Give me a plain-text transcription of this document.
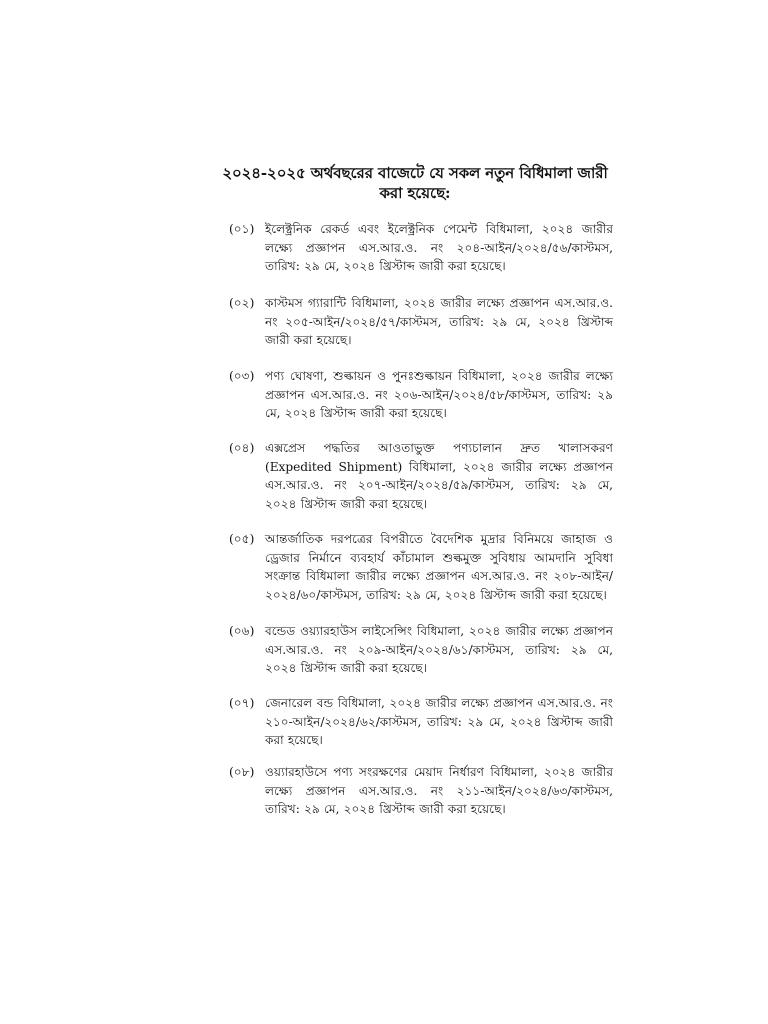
২০২৪-২০২৫ অর্থবছরের বাজেটে যে সকল নতুন বিধিমালা জারী করা হয়েছে:
(০১) ইলেক্ট্রনিক রেকর্ড এবং ইলেক্ট্রনিক পেমেন্ট বিধিমালা, ২০২৪ জারীর লক্ষ্যে প্রজ্ঞাপন এস.আর.ও. নং ২০৪-আইন/২০২৪/৫৬/কাস্টমস, তারিখ: ২৯ মে, ২০২৪ খ্রিস্টাব্দ জারী করা হয়েছে।

(০২) কাস্টমস গ্যারান্টি বিধিমালা, ২০২৪ জারীর লক্ষ্যে প্রজ্ঞাপন এস.আর.ও. নং ২০৫-আইন/২০২৪/৫৭/কাস্টমস, তারিখ: ২৯ মে, ২০২৪ খ্রিস্টাব্দ জারী করা হয়েছে।

(০৩) পণ্য ঘোষণা, শুল্কায়ন ও পুনঃশুল্কায়ন বিধিমালা, ২০২৪ জারীর লক্ষ্যে প্রজ্ঞাপন এস.আর.ও. নং ২০৬-আইন/২০২৪/৫৮/কাস্টমস, তারিখ: ২৯ মে, ২০২৪ খ্রিস্টাব্দ জারী করা হয়েছে।

(০৪) এক্সপ্রেস পদ্ধতির আওতাভুক্ত পণ্যচালান দ্রুত খালাসকরণ (Expedited Shipment) বিধিমালা, ২০২৪ জারীর লক্ষ্যে প্রজ্ঞাপন এস.আর.ও. নং ২০৭-আইন/২০২৪/৫৯/কাস্টমস, তারিখ: ২৯ মে, ২০২৪ খ্রিস্টাব্দ জারী করা হয়েছে।

(০৫) আন্তর্জাতিক দরপত্রের বিপরীতে বৈদেশিক মুদ্রার বিনিময়ে জাহাজ ও ড্রেজার নির্মানে ব্যবহার্য কাঁচামাল শুল্কমুক্ত সুবিধায় আমদানি সুবিধা সংক্রান্ত বিধিমালা জারীর লক্ষ্যে প্রজ্ঞাপন এস.আর.ও. নং ২০৮-আইন/২০২৪/৬০/কাস্টমস, তারিখ: ২৯ মে, ২০২৪ খ্রিস্টাব্দ জারী করা হয়েছে।

(০৬) বন্ডেড ওয়্যারহাউস লাইসেন্সিং বিধিমালা, ২০২৪ জারীর লক্ষ্যে প্রজ্ঞাপন এস.আর.ও. নং ২০৯-আইন/২০২৪/৬১/কাস্টমস, তারিখ: ২৯ মে, ২০২৪ খ্রিস্টাব্দ জারী করা হয়েছে।

(০৭) জেনারেল বন্ড বিধিমালা, ২০২৪ জারীর লক্ষ্যে প্রজ্ঞাপন এস.আর.ও. নং ২১০-আইন/২০২৪/৬২/কাস্টমস, তারিখ: ২৯ মে, ২০২৪ খ্রিস্টাব্দ জারী করা হয়েছে।

(০৮) ওয়্যারহাউসে পণ্য সংরক্ষণের মেয়াদ নির্ধারণ বিধিমালা, ২০২৪ জারীর লক্ষ্যে প্রজ্ঞাপন এস.আর.ও. নং ২১১-আইন/২০২৪/৬৩/কাস্টমস, তারিখ: ২৯ মে, ২০২৪ খ্রিস্টাব্দ জারী করা হয়েছে।
